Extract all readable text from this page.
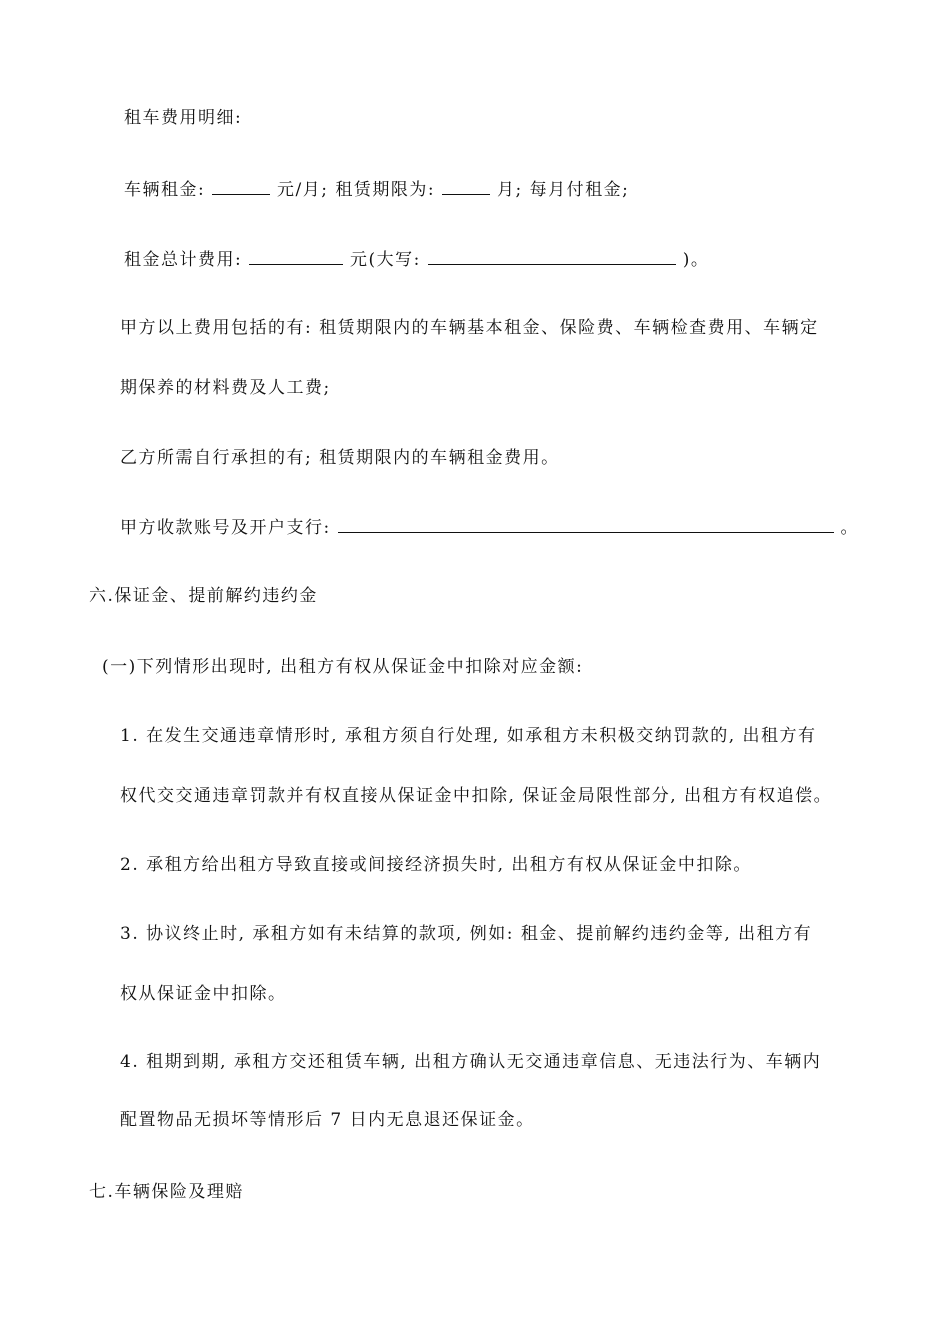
租车费用明细:
车辆租金:	元/月; 租赁期限为:	月; 每月付租金;
租金总计费用:	元(大写:	)。
甲方以上费用包括的有: 租赁期限内的车辆基本租金、保险费、车辆检查费用、车辆定
期保养的材料费及人工费;
乙方所需自行承担的有; 租赁期限内的车辆租金费用。
甲方收款账号及开户支行:	。
六.保证金、提前解约违约金
(一)下列情形出现时, 出租方有权从保证金中扣除对应金额:
1. 在发生交通违章情形时, 承租方须自行处理, 如承租方未积极交纳罚款的, 出租方有
权代交交通违章罚款并有权直接从保证金中扣除, 保证金局限性部分, 出租方有权追偿。
2. 承租方给出租方导致直接或间接经济损失时, 出租方有权从保证金中扣除。
3. 协议终止时, 承租方如有未结算的款项, 例如: 租金、提前解约违约金等, 出租方有
权从保证金中扣除。
4. 租期到期, 承租方交还租赁车辆, 出租方确认无交通违章信息、无违法行为、车辆内
配置物品无损坏等情形后 7 日内无息退还保证金。
七.车辆保险及理赔
